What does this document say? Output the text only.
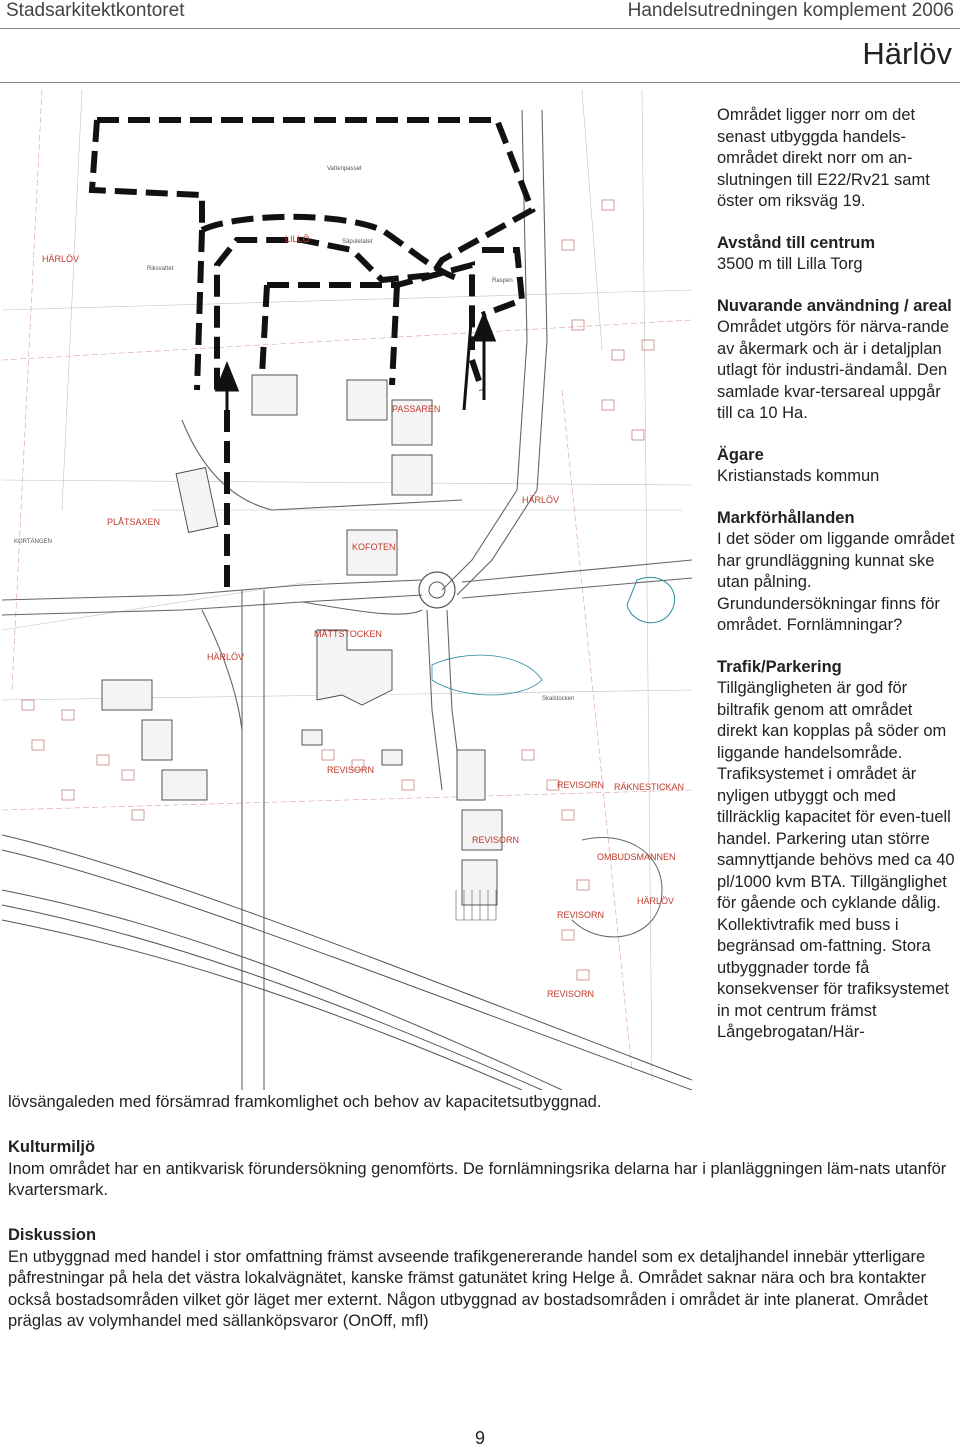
Stadsarkitektkontoret	Handelsutredningen komplement 2006
Härlöv
HÄRLÖV
LILLÖ
PASSAREN
PLÅTSAXEN
KOFOTEN
HÄRLÖV
MÅTTSTOCKEN
HÄRLÖV
REVISORN
REVISORN
REVISORN
REVISORN
REVISORN
RÄKNESTICKAN
OMBUDSMANNEN
HÄRLÖV
KORTÄNGEN
Vattenpasset
Riksvattet
Säpuletatet
Raspen
Skalstocken

Området ligger norr om det senast utbyggda handels-området direkt norr om an-slutningen till E22/Rv21 samt öster om riksväg 19.

Avstånd till centrum

3500 m till Lilla Torg

Nuvarande användning / areal

Området utgörs för närva-rande av åkermark och är i detaljplan utlagt för industri-ändamål. Den samlade kvar-tersareal uppgår till ca 10 Ha.

Ägare

Kristianstads kommun

Markförhållanden

I det söder om liggande området har grundläggning kunnat ske utan pålning. Grundundersökningar finns för området. Fornlämningar?

Trafik/Parkering

Tillgängligheten är god för biltrafik genom att området direkt kan kopplas på söder om liggande handelsområde. Trafiksystemet i området är nyligen utbyggt och med tillräcklig kapacitet för even-tuell handel. Parkering utan större samnyttjande behövs med ca 40 pl/1000 kvm BTA. Tillgänglighet för gående och cyklande dålig. Kollektivtrafik med buss i begränsad om-fattning. Stora utbyggnader torde få konsekvenser för trafiksystemet in mot centrum främst Långebrogatan/Här-

lövsängaleden med försämrad framkomlighet och behov av kapacitetsutbyggnad.
Kulturmiljö

Inom området har en antikvarisk förundersökning genomförts. De fornlämningsrika delarna har i planläggningen läm-nats utanför kvartersmark.

Diskussion

En utbyggnad med handel i stor omfattning främst avseende trafikgenererande handel som ex detaljhandel innebär ytterligare påfrestningar på hela det västra lokalvägnätet, kanske främst gatunätet kring Helge å. Området saknar nära och bra kontakter också bostadsområden vilket gör läget mer externt. Någon utbyggnad av bostadsområden i området är inte planerat. Området präglas av volymhandel med sällanköpsvaror (OnOff, mfl)

9
